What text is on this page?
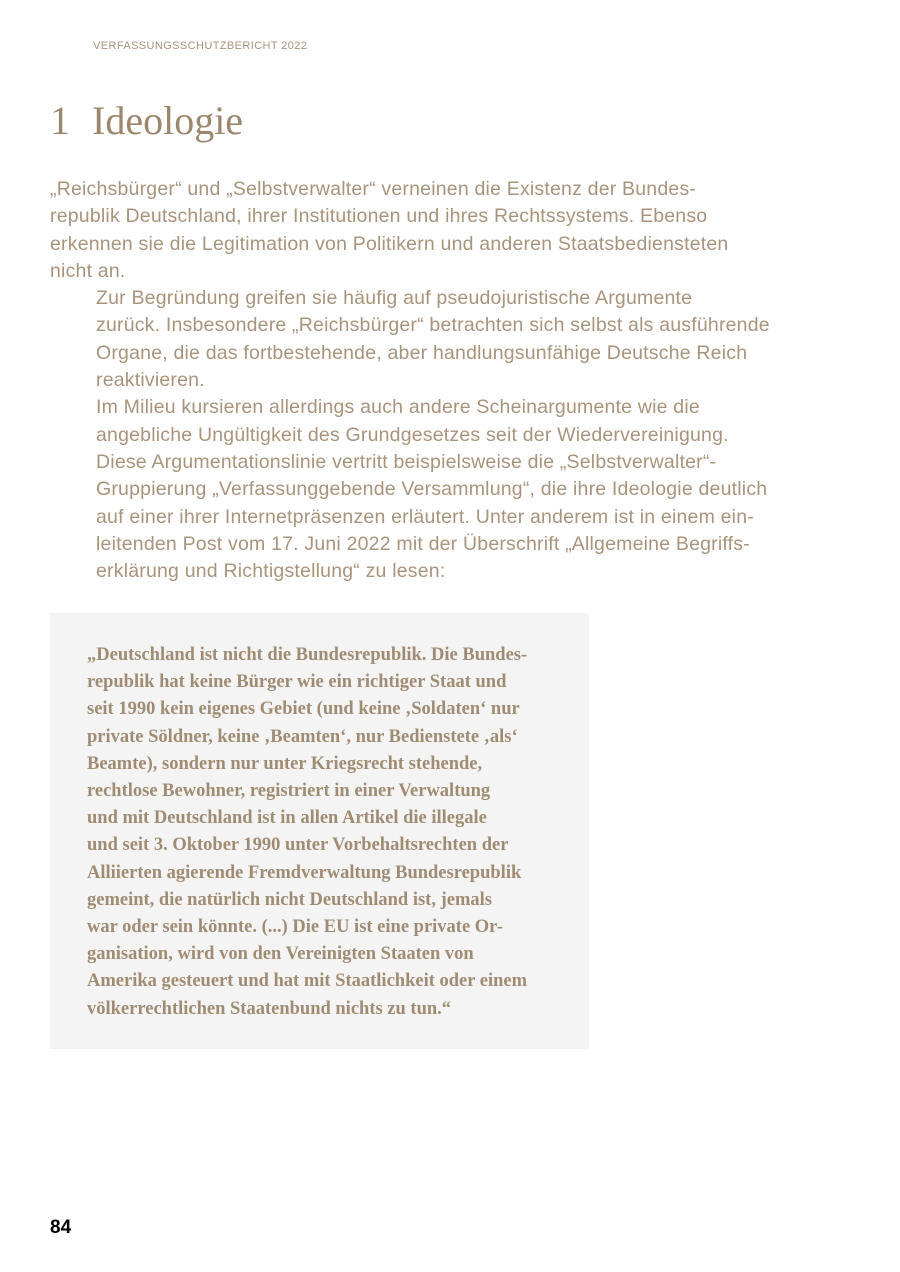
VERFASSUNGSSCHUTZBERICHT 2022
1 Ideologie

„Reichsbürger“ und „Selbstverwalter“ verneinen die Existenz der Bundes-
republik Deutschland, ihrer Institutionen und ihres Rechtssystems. Ebenso
erkennen sie die Legitimation von Politikern und anderen Staatsbediensteten
nicht an.

Zur Begründung greifen sie häufig auf pseudojuristische Argumente
zurück. Insbesondere „Reichsbürger“ betrachten sich selbst als ausführende
Organe, die das fortbestehende, aber handlungsunfähige Deutsche Reich
reaktivieren.

Im Milieu kursieren allerdings auch andere Scheinargumente wie die
angebliche Ungültigkeit des Grundgesetzes seit der Wiedervereinigung.
Diese Argumentationslinie vertritt beispielsweise die „Selbstverwalter“-
Gruppierung „Verfassunggebende Versammlung“, die ihre Ideologie deutlich
auf einer ihrer Internetpräsenzen erläutert. Unter anderem ist in einem ein-
leitenden Post vom 17. Juni 2022 mit der Überschrift „Allgemeine Begriffs-
erklärung und Richtigstellung“ zu lesen:

„Deutschland ist nicht die Bundesrepublik. Die Bundes-
republik hat keine Bürger wie ein richtiger Staat und
seit 1990 kein eigenes Gebiet (und keine ‚Soldaten‘ nur
private Söldner, keine ‚Beamten‘, nur Bedienstete ‚als‘
Beamte), sondern nur unter Kriegsrecht stehende,
rechtlose Bewohner, registriert in einer Verwaltung
und mit Deutschland ist in allen Artikel die illegale
und seit 3. Oktober 1990 unter Vorbehaltsrechten der
Alliierten agierende Fremdverwaltung Bundesrepublik
gemeint, die natürlich nicht Deutschland ist, jemals
war oder sein könnte. (...) Die EU ist eine private Or-
ganisation, wird von den Vereinigten Staaten von
Amerika gesteuert und hat mit Staatlichkeit oder einem
völkerrechtlichen Staatenbund nichts zu tun.“
84
